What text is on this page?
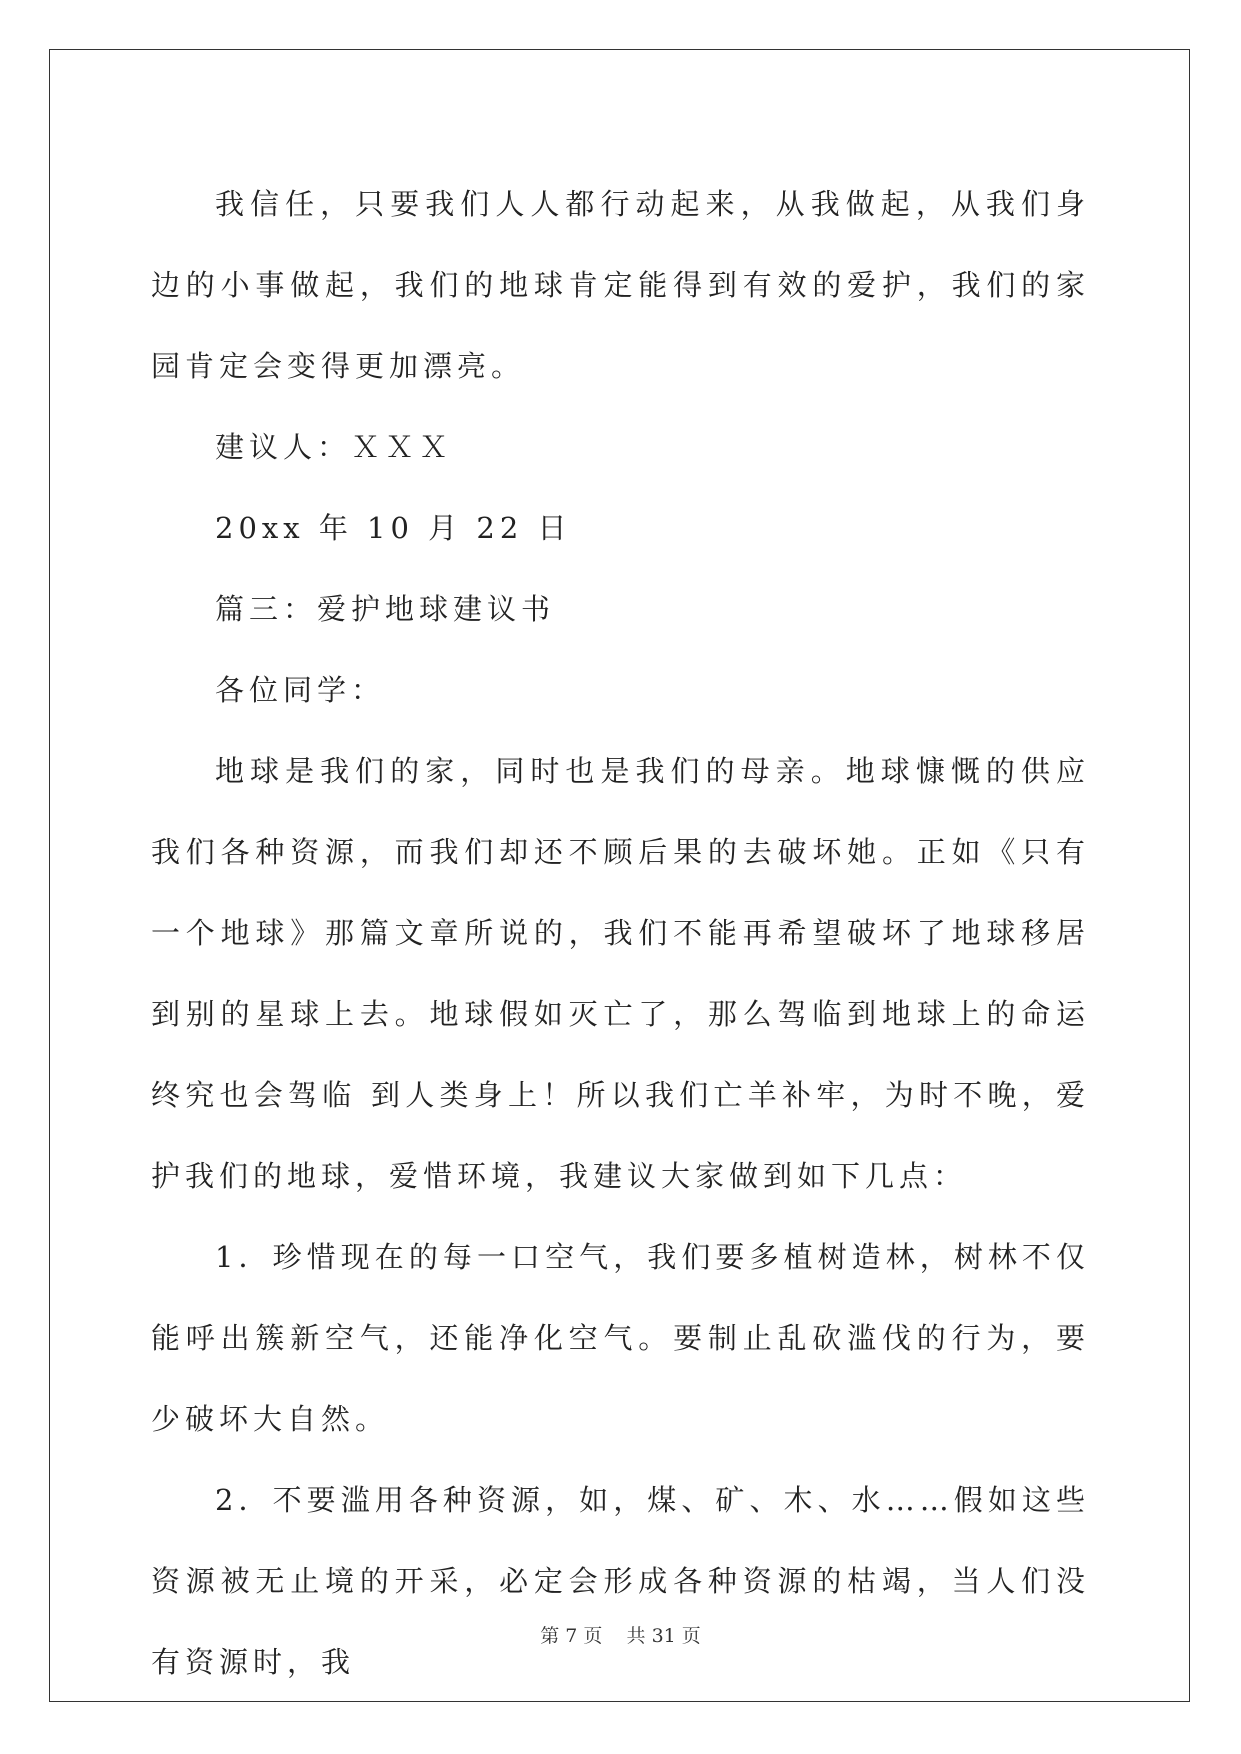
我信任，只要我们人人都行动起来，从我做起，从我们身边的小事做起，我们的地球肯定能得到有效的爱护，我们的家园肯定会变得更加漂亮。

建议人：ＸＸＸ

20xx 年 10 月 22 日

篇三：爱护地球建议书

各位同学：

地球是我们的家，同时也是我们的母亲。地球慷慨的供应我们各种资源，而我们却还不顾后果的去破坏她。正如《只有一个地球》那篇文章所说的，我们不能再希望破坏了地球移居到别的星球上去。地球假如灭亡了，那么驾临到地球上的命运终究也会驾临 到人类身上！所以我们亡羊补牢，为时不晚，爱护我们的地球，爱惜环境，我建议大家做到如下几点：

1．珍惜现在的每一口空气，我们要多植树造林，树林不仅能呼出簇新空气，还能净化空气。要制止乱砍滥伐的行为，要少破坏大自然。

2．不要滥用各种资源，如，煤、矿、木、水……假如这些资源被无止境的开采，必定会形成各种资源的枯竭，当人们没有资源时，我

第 7 页    共 31 页
